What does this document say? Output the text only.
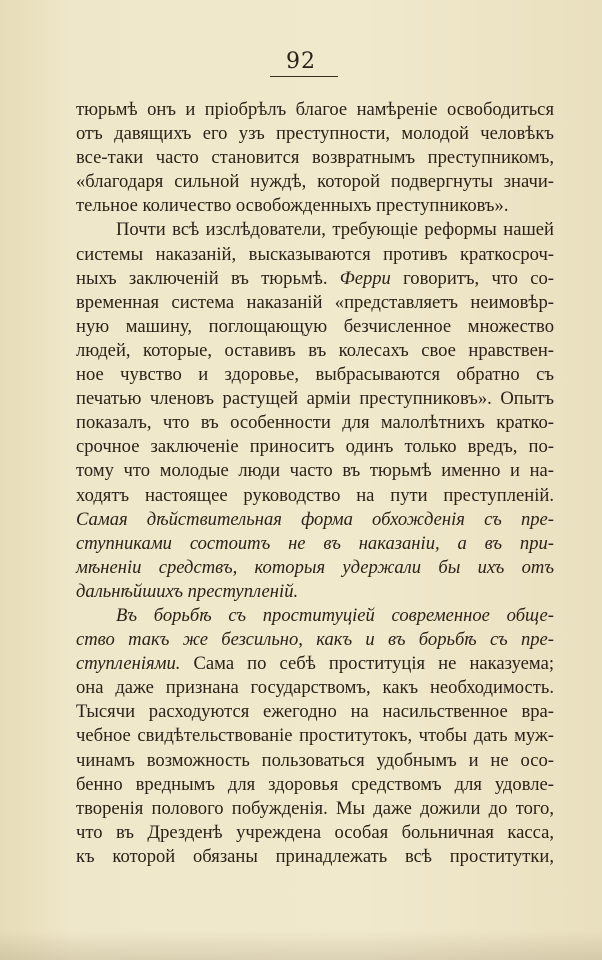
92
тюрьмѣ онъ и пріобрѣлъ благое намѣреніе освободиться
отъ давящихъ его узъ преступности, молодой человѣкъ
все-таки часто становится возвратнымъ преступникомъ,
«благодаря сильной нуждѣ, которой подвергнуты значи-
тельное количество освобожденныхъ преступниковъ».
Почти всѣ изслѣдователи, требующіе реформы нашей
системы наказаній, высказываются противъ краткосроч-
ныхъ заключеній въ тюрьмѣ. Ферри говоритъ, что со-
временная система наказаній «представляетъ неимовѣр-
ную машину, поглощающую безчисленное множество
людей, которые, оставивъ въ колесахъ свое нравствен-
ное чувство и здоровье, выбрасываются обратно съ
печатью членовъ растущей арміи преступниковъ». Опытъ
показалъ, что въ особенности для малолѣтнихъ кратко-
срочное заключеніе приноситъ одинъ только вредъ, по-
тому что молодые люди часто въ тюрьмѣ именно и на-
ходятъ настоящее руководство на пути преступленій.
Самая дѣйствительная форма обхожденія съ пре-
ступниками состоитъ не въ наказаніи, а въ при-
мѣненіи средствъ, которыя удержали бы ихъ отъ
дальнѣйшихъ преступленій.
Въ борьбѣ съ проституціей современное обще-
ство такъ же безсильно, какъ и въ борьбѣ съ пре-
ступленіями. Сама по себѣ проституція не наказуема;
она даже признана государствомъ, какъ необходимость.
Тысячи расходуются ежегодно на насильственное вра-
чебное свидѣтельствованіе проститутокъ, чтобы дать муж-
чинамъ возможность пользоваться удобнымъ и не осо-
бенно вреднымъ для здоровья средствомъ для удовле-
творенія полового побужденія. Мы даже дожили до того,
что въ Дрезденѣ учреждена особая больничная касса,
къ которой обязаны принадлежать всѣ проститутки,
